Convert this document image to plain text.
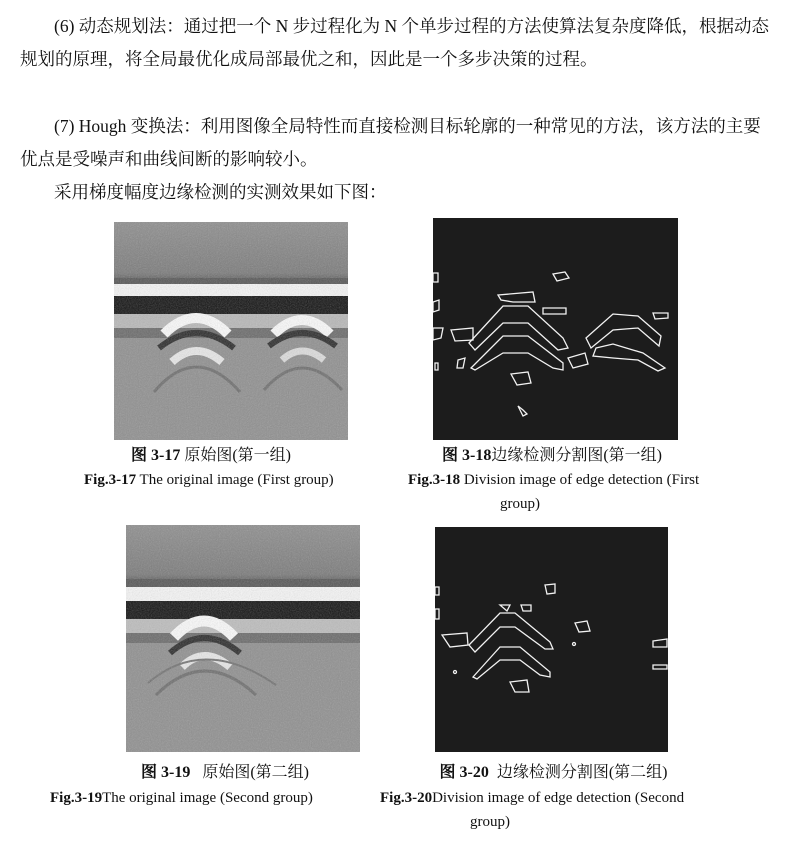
(6) 动态规划法：通过把一个 N 步过程化为 N 个单步过程的方法使算法复杂度降低，根据动态规划的原理，将全局最优化成局部最优之和，因此是一个多步决策的过程。
(7) Hough 变换法：利用图像全局特性而直接检测目标轮廓的一种常见的方法，该方法的主要优点是受噪声和曲线间断的影响较小。
采用梯度幅度边缘检测的实测效果如下图：
图 3-17 原始图(第一组)
Fig.3-17 The original image (First group)
图 3-18边缘检测分割图(第一组)
Fig.3-18 Division image of edge detection (First
group)
图 3-19 原始图(第二组)
Fig.3-19The original image (Second group)
图 3-20 边缘检测分割图(第二组)
Fig.3-20Division image of edge detection (Second
group)
